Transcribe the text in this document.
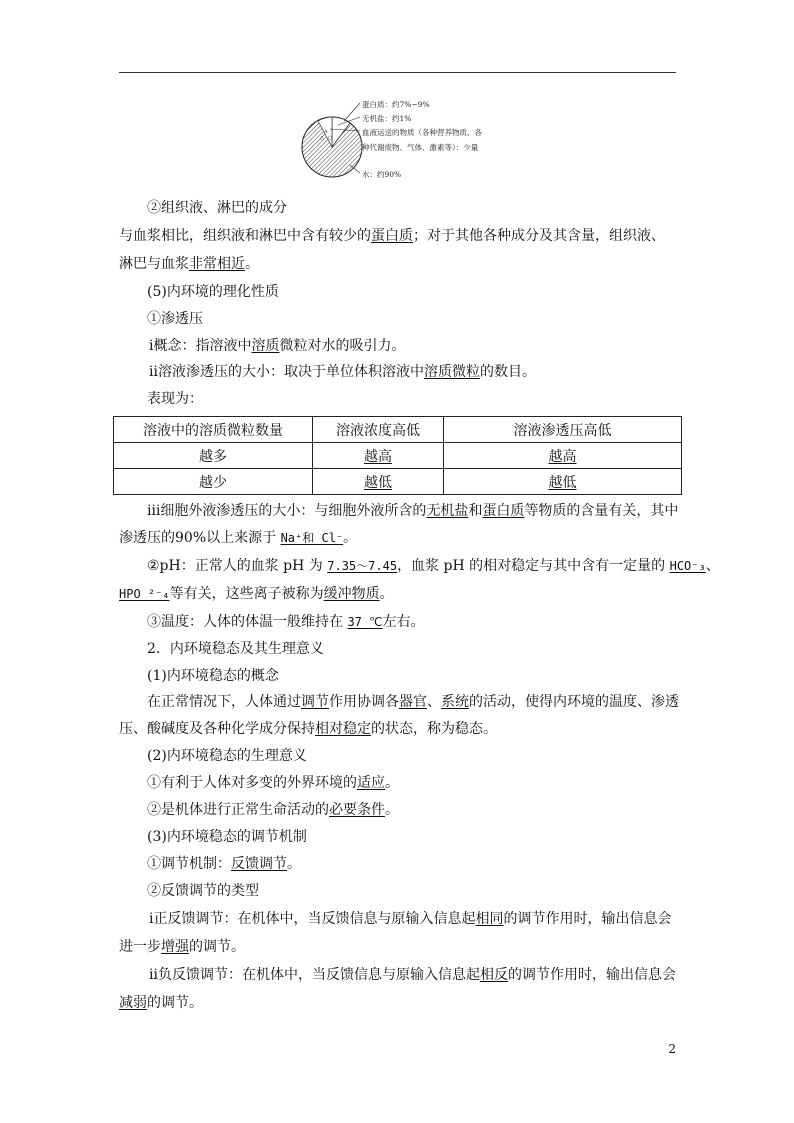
A
△ ○
蛋白质：约7%~9%
无机盐：约1%
血液运送的物质（各种营养物质、各
种代谢废物、气体、激素等）：少量
水：约90%
②组织液、淋巴的成分
与血浆相比，组织液和淋巴中含有较少的蛋白质；对于其他各种成分及其含量，组织液、
淋巴与血浆非常相近。
(5)内环境的理化性质
①渗透压
ⅰ概念：指溶液中溶质微粒对水的吸引力。
ⅱ溶液渗透压的大小：取决于单位体积溶液中溶质微粒的数目。
表现为：
溶液中的溶质微粒数量	溶液浓度高低	溶液渗透压高低
越多	越高	越高
越少	越低	越低
ⅲ细胞外液渗透压的大小：与细胞外液所含的无机盐和蛋白质等物质的含量有关，其中
渗透压的90%以上来源于 Na⁺和 Cl⁻。
②pH：正常人的血浆 pH 为 7.35～7.45，血浆 pH 的相对稳定与其中含有一定量的 HCO⁻₃、
HPO ²⁻₄等有关，这些离子被称为缓冲物质。
③温度：人体的体温一般维持在 37 ℃左右。
2．内环境稳态及其生理意义
(1)内环境稳态的概念
在正常情况下，人体通过调节作用协调各器官、系统的活动，使得内环境的温度、渗透
压、酸碱度及各种化学成分保持相对稳定的状态，称为稳态。
(2)内环境稳态的生理意义
①有利于人体对多变的外界环境的适应。
②是机体进行正常生命活动的必要条件。
(3)内环境稳态的调节机制
①调节机制：反馈调节。
②反馈调节的类型
ⅰ正反馈调节：在机体中，当反馈信息与原输入信息起相同的调节作用时，输出信息会
进一步增强的调节。
ⅱ负反馈调节：在机体中，当反馈信息与原输入信息起相反的调节作用时，输出信息会
减弱的调节。
2
